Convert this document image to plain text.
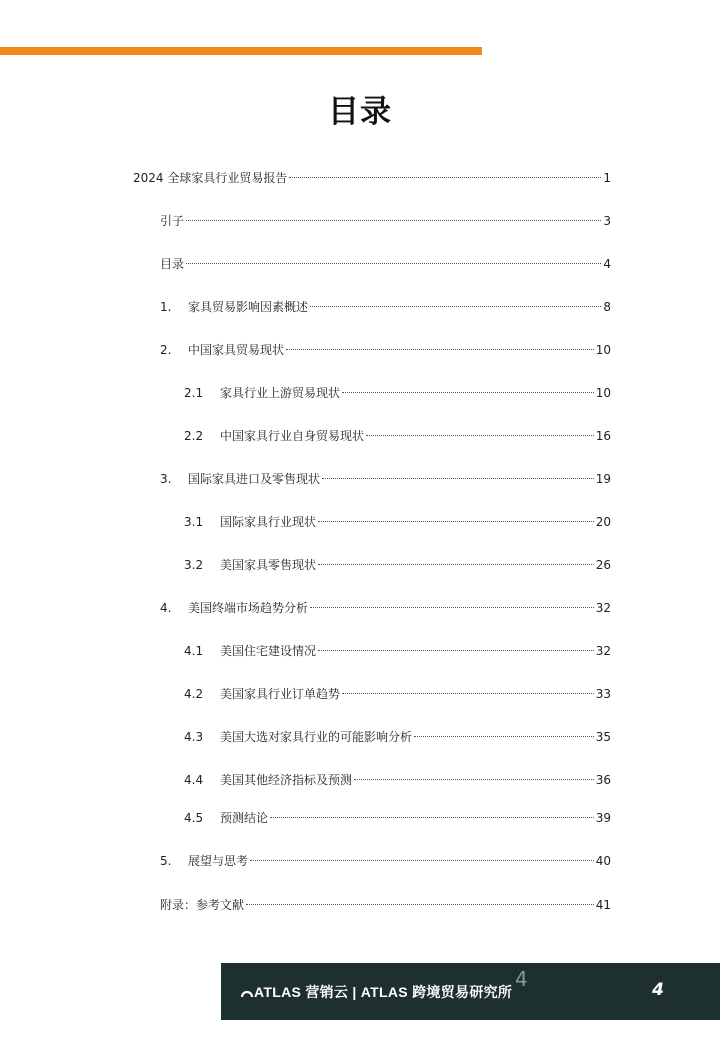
目录
2024 全球家具行业贸易报告	1
引子	3
目录	4
1.	家具贸易影响因素概述	8
2.	中国家具贸易现状	10
2.1	家具行业上游贸易现状	10
2.2	中国家具行业自身贸易现状	16
3.	国际家具进口及零售现状	19
3.1	国际家具行业现状	20
3.2	美国家具零售现状	26
4.	美国终端市场趋势分析	32
4.1	美国住宅建设情况	32
4.2	美国家具行业订单趋势	33
4.3	美国大选对家具行业的可能影响分析	35
4.4	美国其他经济指标及预测	36
4.5	预测结论	39
5.	展望与思考	40
附录：参考文献	41
ATLAS 营销云 | ATLAS 跨境贸易研究所
4	4
